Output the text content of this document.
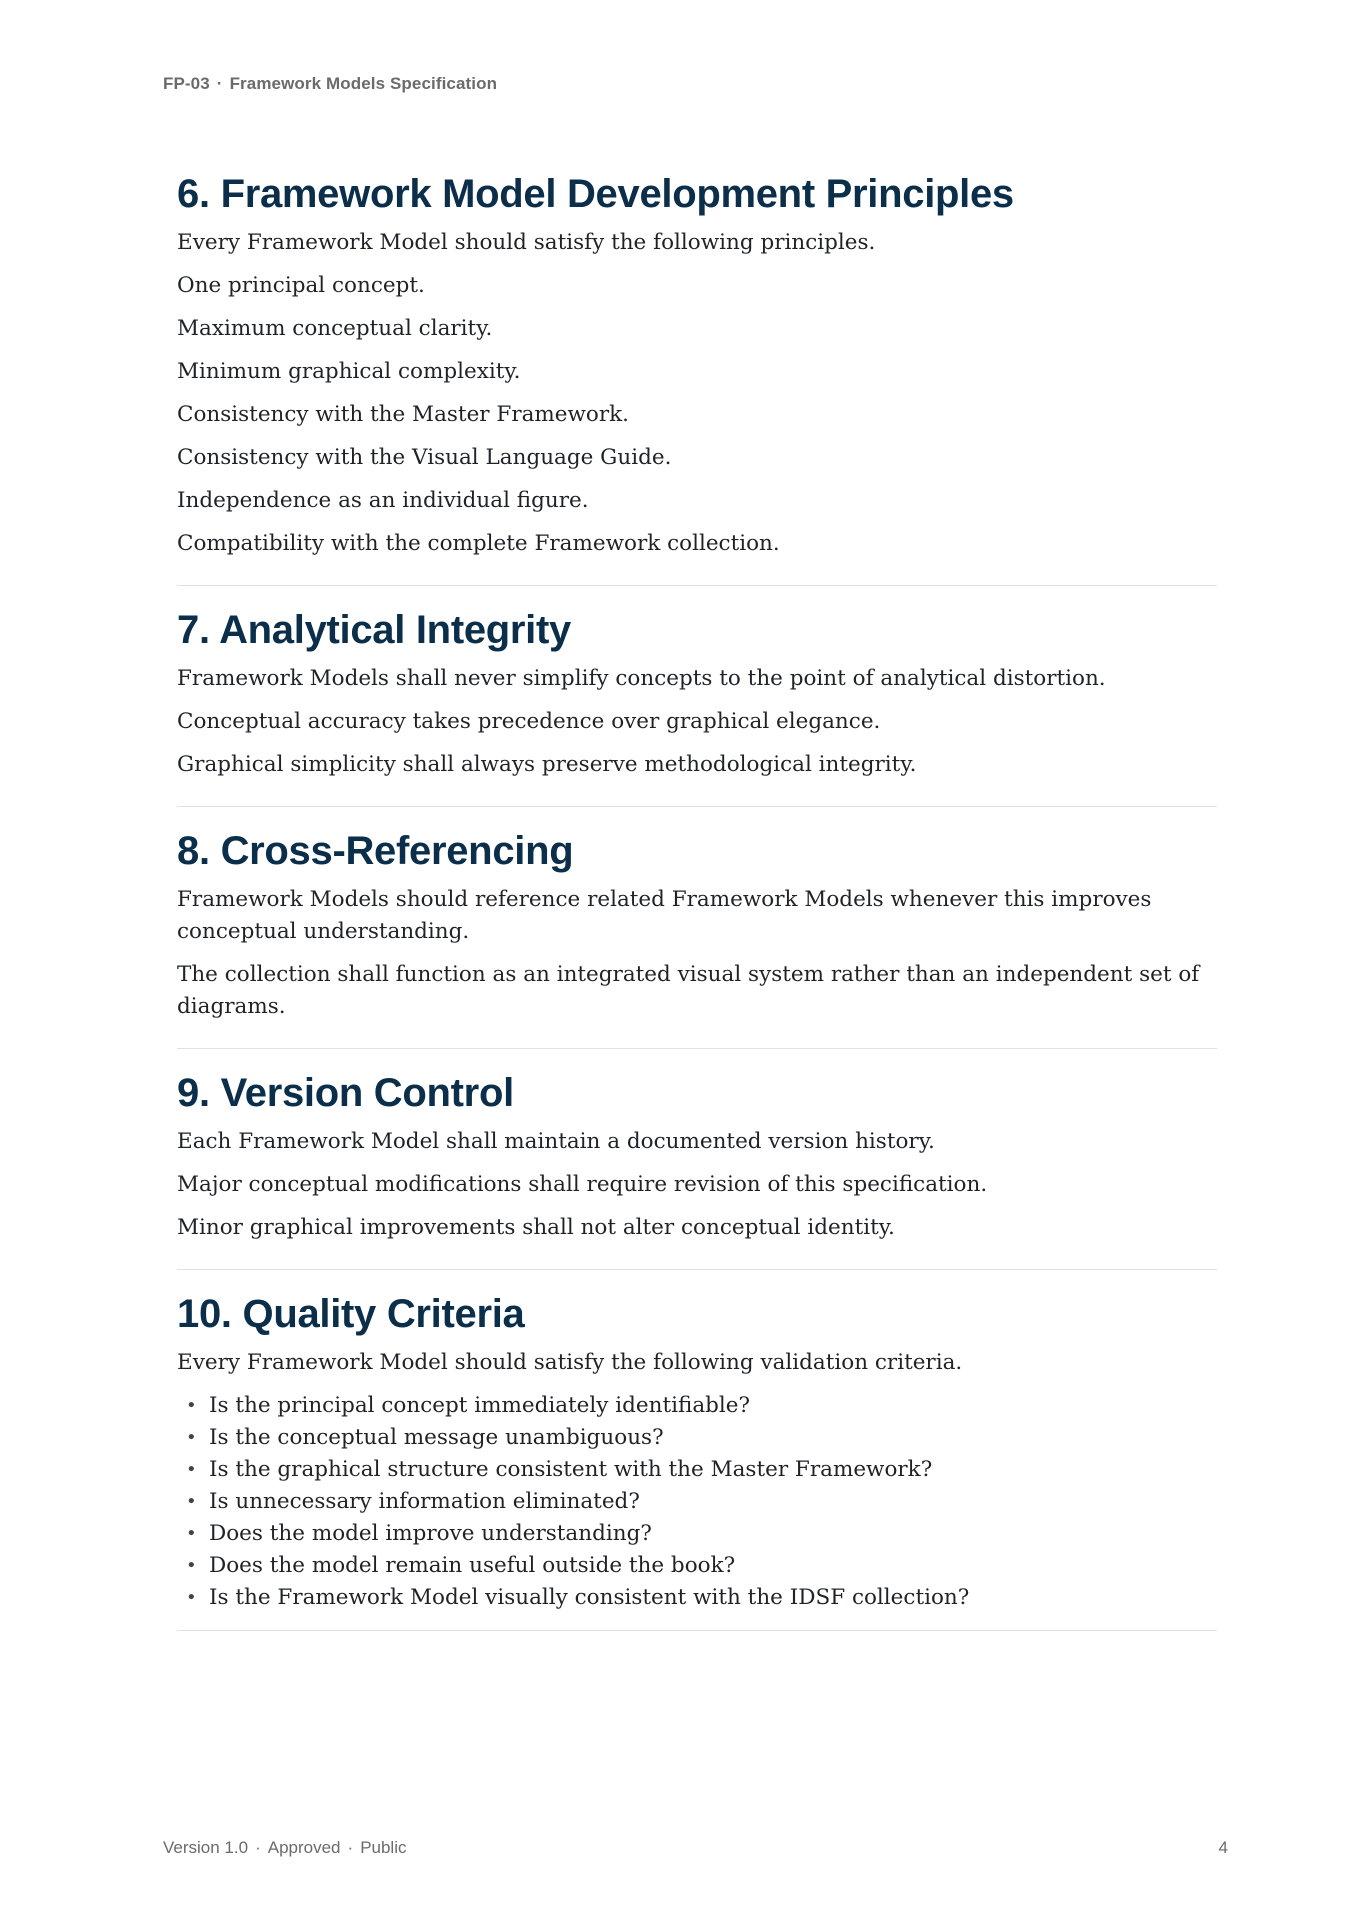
FP-03 · Framework Models Specification
6. Framework Model Development Principles

Every Framework Model should satisfy the following principles.

One principal concept.

Maximum conceptual clarity.

Minimum graphical complexity.

Consistency with the Master Framework.

Consistency with the Visual Language Guide.

Independence as an individual figure.

Compatibility with the complete Framework collection.

7. Analytical Integrity

Framework Models shall never simplify concepts to the point of analytical distortion.

Conceptual accuracy takes precedence over graphical elegance.

Graphical simplicity shall always preserve methodological integrity.

8. Cross-Referencing

Framework Models should reference related Framework Models whenever this improves conceptual understanding.

The collection shall function as an integrated visual system rather than an independent set of diagrams.

9. Version Control

Each Framework Model shall maintain a documented version history.

Major conceptual modifications shall require revision of this specification.

Minor graphical improvements shall not alter conceptual identity.

10. Quality Criteria

Every Framework Model should satisfy the following validation criteria.

• Is the principal concept immediately identifiable?
• Is the conceptual message unambiguous?
• Is the graphical structure consistent with the Master Framework?
• Is unnecessary information eliminated?
• Does the model improve understanding?
• Does the model remain useful outside the book?
• Is the Framework Model visually consistent with the IDSF collection?
Version 1.0 · Approved · Public	4
